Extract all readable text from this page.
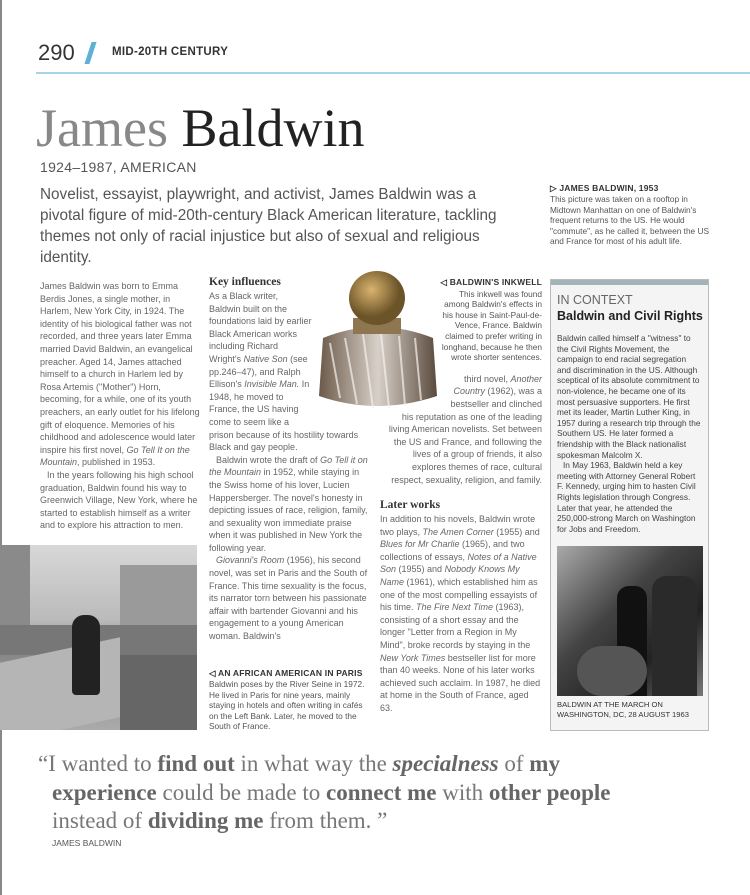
290	MID-20TH CENTURY
James Baldwin
1924–1987, AMERICAN
Novelist, essayist, playwright, and activist, James Baldwin was a pivotal figure of mid-20th-century Black American literature, tackling themes not only of racial injustice but also of sexual and religious identity.
▷ JAMES BALDWIN, 1953
This picture was taken on a rooftop in Midtown Manhattan on one of Baldwin's frequent returns to the US. He would "commute", as he called it, between the US and France for most of his adult life.

James Baldwin was born to Emma Berdis Jones, a single mother, in Harlem, New York City, in 1924. The identity of his biological father was not recorded, and three years later Emma married David Baldwin, an evangelical preacher. Aged 14, James attached himself to a church in Harlem led by Rosa Artemis ("Mother") Horn, becoming, for a while, one of its youth preachers, an early outlet for his lifelong gift of eloquence. Memories of his childhood and adolescence would later inspire his first novel, Go Tell It on the Mountain, published in 1953.

In the years following his high school graduation, Baldwin found his way to Greenwich Village, New York, where he started to establish himself as a writer and to explore his attraction to men.

Key influences

As a Black writer, Baldwin built on the foundations laid by earlier Black American works including Richard Wright's Native Son (see pp.246–47), and Ralph Ellison's Invisible Man. In 1948, he moved to France, the US having come to seem like a prison because of its hostility towards Black and gay people.

Baldwin wrote the draft of Go Tell it on the Mountain in 1952, while staying in the Swiss home of his lover, Lucien Happersberger. The novel's honesty in depicting issues of race, religion, family, and sexuality won immediate praise when it was published in New York the following year.

Giovanni's Room (1956), his second novel, was set in Paris and the South of France. This time sexuality is the focus, its narrator torn between his passionate affair with bartender Giovanni and his engagement to a young American woman. Baldwin's

◁ BALDWIN'S INKWELL
This inkwell was found among Baldwin's effects in his house in Saint-Paul-de-Vence, France. Baldwin claimed to prefer writing in longhand, because he then wrote shorter sentences.

third novel, Another Country (1962), was a bestseller and clinched his reputation as one of the leading living American novelists. Set between the US and France, and following the lives of a group of friends, it also explores themes of race, cultural respect, sexuality, religion, and family.

Later works

In addition to his novels, Baldwin wrote two plays, The Amen Corner (1955) and Blues for Mr Charlie (1965), and two collections of essays, Notes of a Native Son (1955) and Nobody Knows My Name (1961), which established him as one of the most compelling essayists of his time. The Fire Next Time (1963), consisting of a short essay and the longer "Letter from a Region in My Mind", broke records by staying in the New York Times bestseller list for more than 40 weeks. None of his later works achieved such acclaim. In 1987, he died at home in the South of France, aged 63.

◁ AN AFRICAN AMERICAN IN PARIS
Baldwin poses by the River Seine in 1972. He lived in Paris for nine years, mainly staying in hotels and often writing in cafés on the Left Bank. Later, he moved to the South of France.
IN CONTEXT
Baldwin and Civil Rights

Baldwin called himself a "witness" to the Civil Rights Movement, the campaign to end racial segregation and discrimination in the US. Although sceptical of its absolute commitment to non-violence, he became one of its most persuasive supporters. He first met its leader, Martin Luther King, in 1957 during a research trip through the Southern US. He later formed a friendship with the Black nationalist spokesman Malcolm X.

In May 1963, Baldwin held a key meeting with Attorney General Robert F. Kennedy, urging him to hasten Civil Rights legislation through Congress. Later that year, he attended the 250,000-strong March on Washington for Jobs and Freedom.

BALDWIN AT THE MARCH ON WASHINGTON, DC, 28 AUGUST 1963
“I wanted to find out in what way the specialness of my experience could be made to connect me with other people instead of dividing me from them. ”
JAMES BALDWIN
